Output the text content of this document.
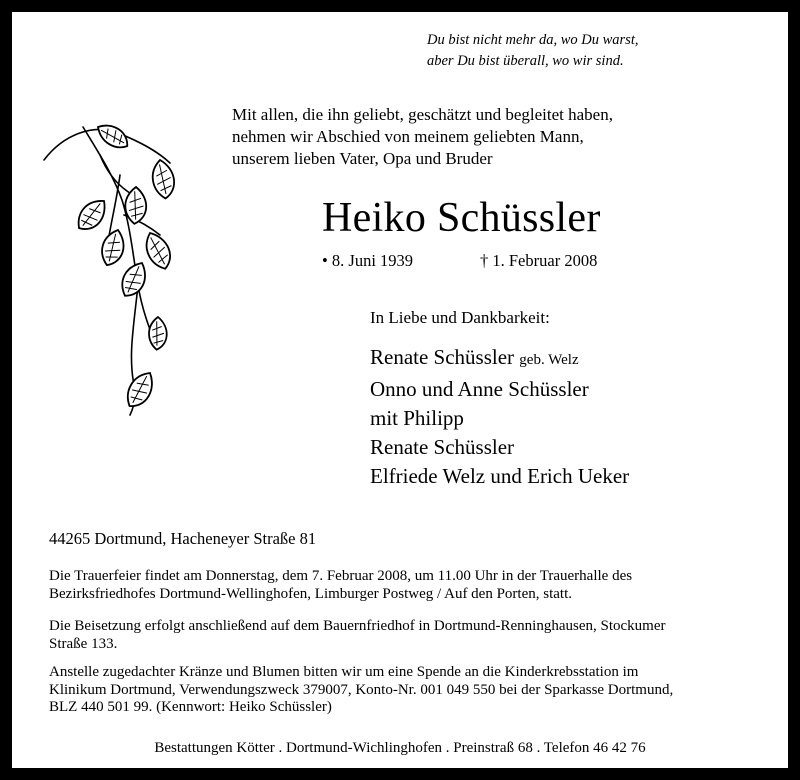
Du bist nicht mehr da, wo Du warst,
aber Du bist überall, wo wir sind.
Mit allen, die ihn geliebt, geschätzt und begleitet haben,
nehmen wir Abschied von meinem geliebten Mann,
unserem lieben Vater, Opa und Bruder
Heiko Schüssler
• 8. Juni 1939	† 1. Februar 2008
In Liebe und Dankbarkeit:
Renate Schüssler geb. Welz
Onno und Anne Schüssler
mit Philipp
Renate Schüssler
Elfriede Welz und Erich Ueker
44265 Dortmund, Hacheneyer Straße 81
Die Trauerfeier findet am Donnerstag, dem 7. Februar 2008, um 11.00 Uhr in der Trauerhalle des
Bezirksfriedhofes Dortmund-Wellinghofen, Limburger Postweg / Auf den Porten, statt.
Die Beisetzung erfolgt anschließend auf dem Bauernfriedhof in Dortmund-Renninghausen, Stockumer
Straße 133.
Anstelle zugedachter Kränze und Blumen bitten wir um eine Spende an die Kinderkrebsstation im
Klinikum Dortmund, Verwendungszweck 379007, Konto-Nr. 001 049 550 bei der Sparkasse Dortmund,
BLZ 440 501 99. (Kennwort: Heiko Schüssler)
Bestattungen Kötter . Dortmund-Wichlinghofen . Preinstraß 68 . Telefon 46 42 76
